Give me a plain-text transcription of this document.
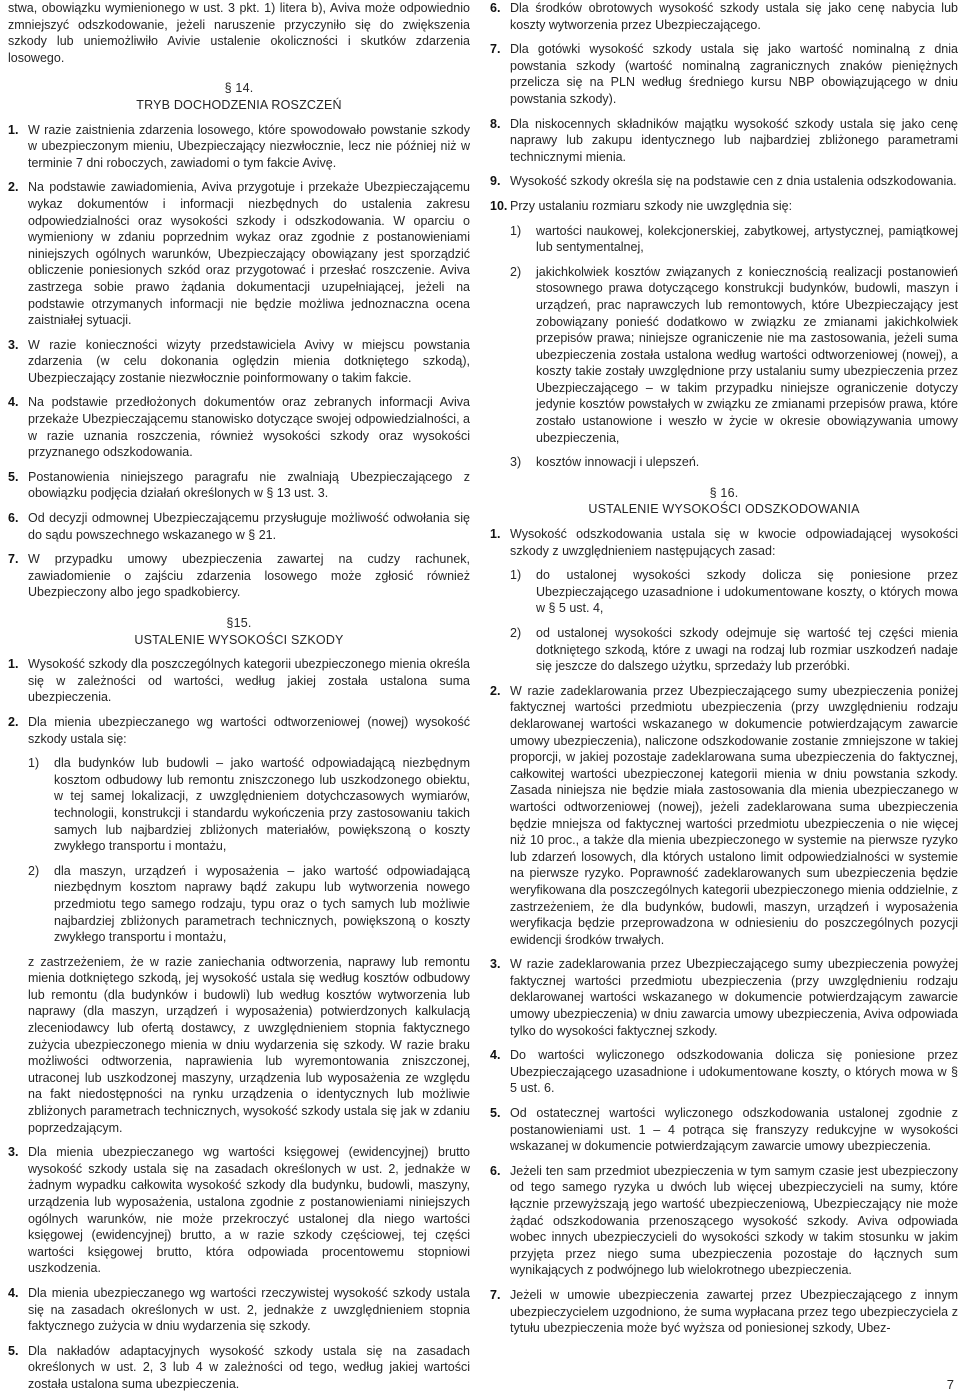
stwa, obowiązku wymienionego w ust. 3 pkt. 1) litera b), Aviva może odpowiednio zmniejszyć odszkodowanie, jeżeli naruszenie przyczyniło się do zwiększenia szkody lub uniemożliwiło Avivie ustalenie okoliczności i skutków zdarzenia losowego.

§ 14.
TRYB DOCHODZENIA ROSZCZEŃ
1. W razie zaistnienia zdarzenia losowego, które spowodowało powstanie szkody w ubezpieczonym mieniu, Ubezpieczający niezwłocznie, lecz nie później niż w terminie 7 dni roboczych, zawiadomi o tym fakcie Avivę.

2. Na podstawie zawiadomienia, Aviva przygotuje i przekaże Ubezpieczającemu wykaz dokumentów i informacji niezbędnych do ustalenia zakresu odpowiedzialności oraz wysokości szkody i odszkodowania. W oparciu o wymieniony w zdaniu poprzednim wykaz oraz zgodnie z postanowieniami niniejszych ogólnych warunków, Ubezpieczający obowiązany jest sporządzić obliczenie poniesionych szkód oraz przygotować i przesłać roszczenie. Aviva zastrzega sobie prawo żądania dokumentacji uzupełniającej, jeżeli na podstawie otrzymanych informacji nie będzie możliwa jednoznaczna ocena zaistniałej sytuacji.

3. W razie konieczności wizyty przedstawiciela Avivy w miejscu powstania zdarzenia (w celu dokonania oględzin mienia dotkniętego szkodą), Ubezpieczający zostanie niezwłocznie poinformowany o takim fakcie.

4. Na podstawie przedłożonych dokumentów oraz zebranych informacji Aviva przekaże Ubezpieczającemu stanowisko dotyczące swojej odpowiedzialności, a w razie uznania roszczenia, również wysokości szkody oraz wysokości przyznanego odszkodowania.

5. Postanowienia niniejszego paragrafu nie zwalniają Ubezpieczającego z obowiązku podjęcia działań określonych w § 13 ust. 3.

6. Od decyzji odmownej Ubezpieczającemu przysługuje możliwość odwołania się do sądu powszechnego wskazanego w § 21.

7. W przypadku umowy ubezpieczenia zawartej na cudzy rachunek, zawiadomienie o zajściu zdarzenia losowego może zgłosić również Ubezpieczony albo jego spadkobiercy.

§15.
USTALENIE WYSOKOŚCI SZKODY
1. Wysokość szkody dla poszczególnych kategorii ubezpieczonego mienia określa się w zależności od wartości, według jakiej została ustalona suma ubezpieczenia.

2. Dla mienia ubezpieczanego wg wartości odtworzeniowej (nowej) wysokość szkody ustala się:

1) dla budynków lub budowli – jako wartość odpowiadającą niezbędnym kosztom odbudowy lub remontu zniszczonego lub uszkodzonego obiektu, w tej samej lokalizacji, z uwzględnieniem dotychczasowych wymiarów, technologii, konstrukcji i standardu wykończenia przy zastosowaniu takich samych lub najbardziej zbliżonych materiałów, powiększoną o koszty zwykłego transportu i montażu,

2) dla maszyn, urządzeń i wyposażenia – jako wartość odpowiadającą niezbędnym kosztom naprawy bądź zakupu lub wytworzenia nowego przedmiotu tego samego rodzaju, typu oraz o tych samych lub możliwie najbardziej zbliżonych parametrach technicznych, powiększoną o koszty zwykłego transportu i montażu,

z zastrzeżeniem, że w razie zaniechania odtworzenia, naprawy lub remontu mienia dotkniętego szkodą, jej wysokość ustala się według kosztów odbudowy lub remontu (dla budynków i budowli) lub według kosztów wytworzenia lub naprawy (dla maszyn, urządzeń i wyposażenia) potwierdzonych kalkulacją zleceniodawcy lub ofertą dostawcy, z uwzględnieniem stopnia faktycznego zużycia ubezpieczonego mienia w dniu wydarzenia się szkody. W razie braku możliwości odtworzenia, naprawienia lub wyremontowania zniszczonej, utraconej lub uszkodzonej maszyny, urządzenia lub wyposażenia ze względu na fakt niedostępności na rynku urządzenia o identycznych lub możliwie zbliżonych parametrach technicznych, wysokość szkody ustala się jak w zdaniu poprzedzającym.

3. Dla mienia ubezpieczanego wg wartości księgowej (ewidencyjnej) brutto wysokość szkody ustala się na zasadach określonych w ust. 2, jednakże w żadnym wypadku całkowita wysokość szkody dla budynku, budowli, maszyny, urządzenia lub wyposażenia, ustalona zgodnie z postanowieniami niniejszych ogólnych warunków, nie może przekroczyć ustalonej dla niego wartości księgowej (ewidencyjnej) brutto, a w razie szkody częściowej, tej części wartości księgowej brutto, która odpowiada procentowemu stopniowi uszkodzenia.

4. Dla mienia ubezpieczanego wg wartości rzeczywistej wysokość szkody ustala się na zasadach określonych w ust. 2, jednakże z uwzględnieniem stopnia faktycznego zużycia w dniu wydarzenia się szkody.

5. Dla nakładów adaptacyjnych wysokość szkody ustala się na zasadach określonych w ust. 2, 3 lub 4 w zależności od tego, według jakiej wartości została ustalona suma ubezpieczenia.

6. Dla środków obrotowych wysokość szkody ustala się jako cenę nabycia lub koszty wytworzenia przez Ubezpieczającego.

7. Dla gotówki wysokość szkody ustala się jako wartość nominalną z dnia powstania szkody (wartość nominalną zagranicznych znaków pieniężnych przelicza się na PLN według średniego kursu NBP obowiązującego w dniu powstania szkody).

8. Dla niskocennych składników majątku wysokość szkody ustala się jako cenę naprawy lub zakupu identycznego lub najbardziej zbliżonego parametrami technicznymi mienia.

9. Wysokość szkody określa się na podstawie cen z dnia ustalenia odszkodowania.

10. Przy ustalaniu rozmiaru szkody nie uwzględnia się:

1) wartości naukowej, kolekcjonerskiej, zabytkowej, artystycznej, pamiątkowej lub sentymentalnej,

2) jakichkolwiek kosztów związanych z koniecznością realizacji postanowień stosownego prawa dotyczącego konstrukcji budynków, budowli, maszyn i urządzeń, prac naprawczych lub remontowych, które Ubezpieczający jest zobowiązany ponieść dodatkowo w związku ze zmianami jakichkolwiek przepisów prawa; niniejsze ograniczenie nie ma zastosowania, jeżeli suma ubezpieczenia została ustalona według wartości odtworzeniowej (nowej), a koszty takie zostały uwzględnione przy ustalaniu sumy ubezpieczenia przez Ubezpieczającego – w takim przypadku niniejsze ograniczenie dotyczy jedynie kosztów powstałych w związku ze zmianami przepisów prawa, które zostało ustanowione i weszło w życie w okresie obowiązywania umowy ubezpieczenia,

3) kosztów innowacji i ulepszeń.

§ 16.
USTALENIE WYSOKOŚCI ODSZKODOWANIA
1. Wysokość odszkodowania ustala się w kwocie odpowiadającej wysokości szkody z uwzględnieniem następujących zasad:

1) do ustalonej wysokości szkody dolicza się poniesione przez Ubezpieczającego uzasadnione i udokumentowane koszty, o których mowa w § 5 ust. 4,

2) od ustalonej wysokości szkody odejmuje się wartość tej części mienia dotkniętego szkodą, które z uwagi na rodzaj lub rozmiar uszkodzeń nadaje się jeszcze do dalszego użytku, sprzedaży lub przeróbki.

2. W razie zadeklarowania przez Ubezpieczającego sumy ubezpieczenia poniżej faktycznej wartości przedmiotu ubezpieczenia (przy uwzględnieniu rodzaju deklarowanej wartości wskazanego w dokumencie potwierdzającym zawarcie umowy ubezpieczenia), naliczone odszkodowanie zostanie zmniejszone w takiej proporcji, w jakiej pozostaje zadeklarowana suma ubezpieczenia do faktycznej, całkowitej wartości ubezpieczonej kategorii mienia w dniu powstania szkody. Zasada niniejsza nie będzie miała zastosowania dla mienia ubezpieczanego w wartości odtworzeniowej (nowej), jeżeli zadeklarowana suma ubezpieczenia będzie mniejsza od faktycznej wartości przedmiotu ubezpieczenia o nie więcej niż 10 proc., a także dla mienia ubezpieczonego w systemie na pierwsze ryzyko lub zdarzeń losowych, dla których ustalono limit odpowiedzialności w systemie na pierwsze ryzyko. Poprawność zadeklarowanych sum ubezpieczenia będzie weryfikowana dla poszczególnych kategorii ubezpieczonego mienia oddzielnie, z zastrzeżeniem, że dla budynków, budowli, maszyn, urządzeń i wyposażenia weryfikacja będzie przeprowadzona w odniesieniu do poszczególnych pozycji ewidencji środków trwałych.

3. W razie zadeklarowania przez Ubezpieczającego sumy ubezpieczenia powyżej faktycznej wartości przedmiotu ubezpieczenia (przy uwzględnieniu rodzaju deklarowanej wartości wskazanego w dokumencie potwierdzającym zawarcie umowy ubezpieczenia) w dniu zawarcia umowy ubezpieczenia, Aviva odpowiada tylko do wysokości faktycznej szkody.

4. Do wartości wyliczonego odszkodowania dolicza się poniesione przez Ubezpieczającego uzasadnione i udokumentowane koszty, o których mowa w § 5 ust. 6.

5. Od ostatecznej wartości wyliczonego odszkodowania ustalonej zgodnie z postanowieniami ust. 1 – 4 potrąca się franszyzy redukcyjne w wysokości wskazanej w dokumencie potwierdzającym zawarcie umowy ubezpieczenia.

6. Jeżeli ten sam przedmiot ubezpieczenia w tym samym czasie jest ubezpieczony od tego samego ryzyka u dwóch lub więcej ubezpieczycieli na sumy, które łącznie przewyższają jego wartość ubezpieczeniową, Ubezpieczający nie może żądać odszkodowania przenoszącego wysokość szkody. Aviva odpowiada wobec innych ubezpieczycieli do wysokości szkody w takim stosunku w jakim przyjęta przez niego suma ubezpieczenia pozostaje do łącznych sum wynikających z podwójnego lub wielokrotnego ubezpieczenia.

7. Jeżeli w umowie ubezpieczenia zawartej przez Ubezpieczającego z innym ubezpieczycielem uzgodniono, że suma wypłacana przez tego ubezpieczyciela z tytułu ubezpieczenia może być wyższa od poniesionej szkody, Ubez-

7
